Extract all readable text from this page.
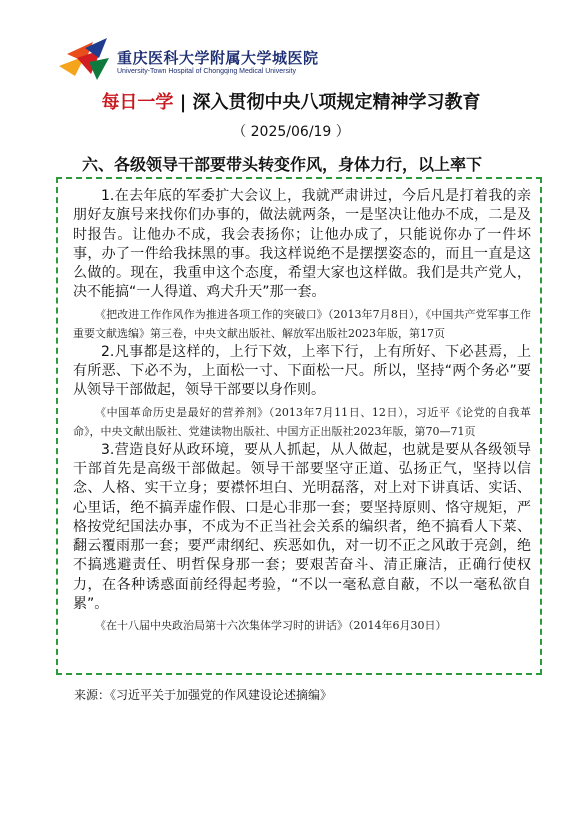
重庆医科大学附属大学城医院
University-Town Hospital of Chongqing Medical University
每日一学 | 深入贯彻中央八项规定精神学习教育
（ 2025/06/19 ）
六、各级领导干部要带头转变作风，身体力行，以上率下

1.在去年底的军委扩大会议上，我就严肃讲过，今后凡是打着我的亲朋好友旗号来找你们办事的，做法就两条，一是坚决让他办不成，二是及时报告。让他办不成，我会表扬你；让他办成了，只能说你办了一件坏事，办了一件给我抹黑的事。我这样说绝不是摆摆姿态的，而且一直是这么做的。现在，我重申这个态度，希望大家也这样做。我们是共产党人，决不能搞“一人得道、鸡犬升天”那一套。

《把改进工作作风作为推进各项工作的突破口》（2013年7月8日），《中国共产党军事工作重要文献选编》第三卷，中央文献出版社、解放军出版社2023年版，第17页

2.凡事都是这样的，上行下效，上率下行，上有所好、下必甚焉，上有所恶、下必不为，上面松一寸、下面松一尺。所以，坚持“两个务必”要从领导干部做起，领导干部要以身作则。

《中国革命历史是最好的营养剂》（2013年7月11日、12日），习近平《论党的自我革命》，中央文献出版社、党建读物出版社、中国方正出版社2023年版，第70—71页

3.营造良好从政环境，要从人抓起，从人做起，也就是要从各级领导干部首先是高级干部做起。领导干部要坚守正道、弘扬正气，坚持以信念、人格、实干立身；要襟怀坦白、光明磊落，对上对下讲真话、实话、心里话，绝不搞弄虚作假、口是心非那一套；要坚持原则、恪守规矩，严格按党纪国法办事，不成为不正当社会关系的编织者，绝不搞看人下菜、翻云覆雨那一套；要严肃纲纪、疾恶如仇，对一切不正之风敢于亮剑，绝不搞逃避责任、明哲保身那一套；要艰苦奋斗、清正廉洁，正确行使权力，在各种诱惑面前经得起考验，“不以一毫私意自蔽，不以一毫私欲自累”。

《在十八届中央政治局第十六次集体学习时的讲话》（2014年6月30日）

来源：《习近平关于加强党的作风建设论述摘编》
